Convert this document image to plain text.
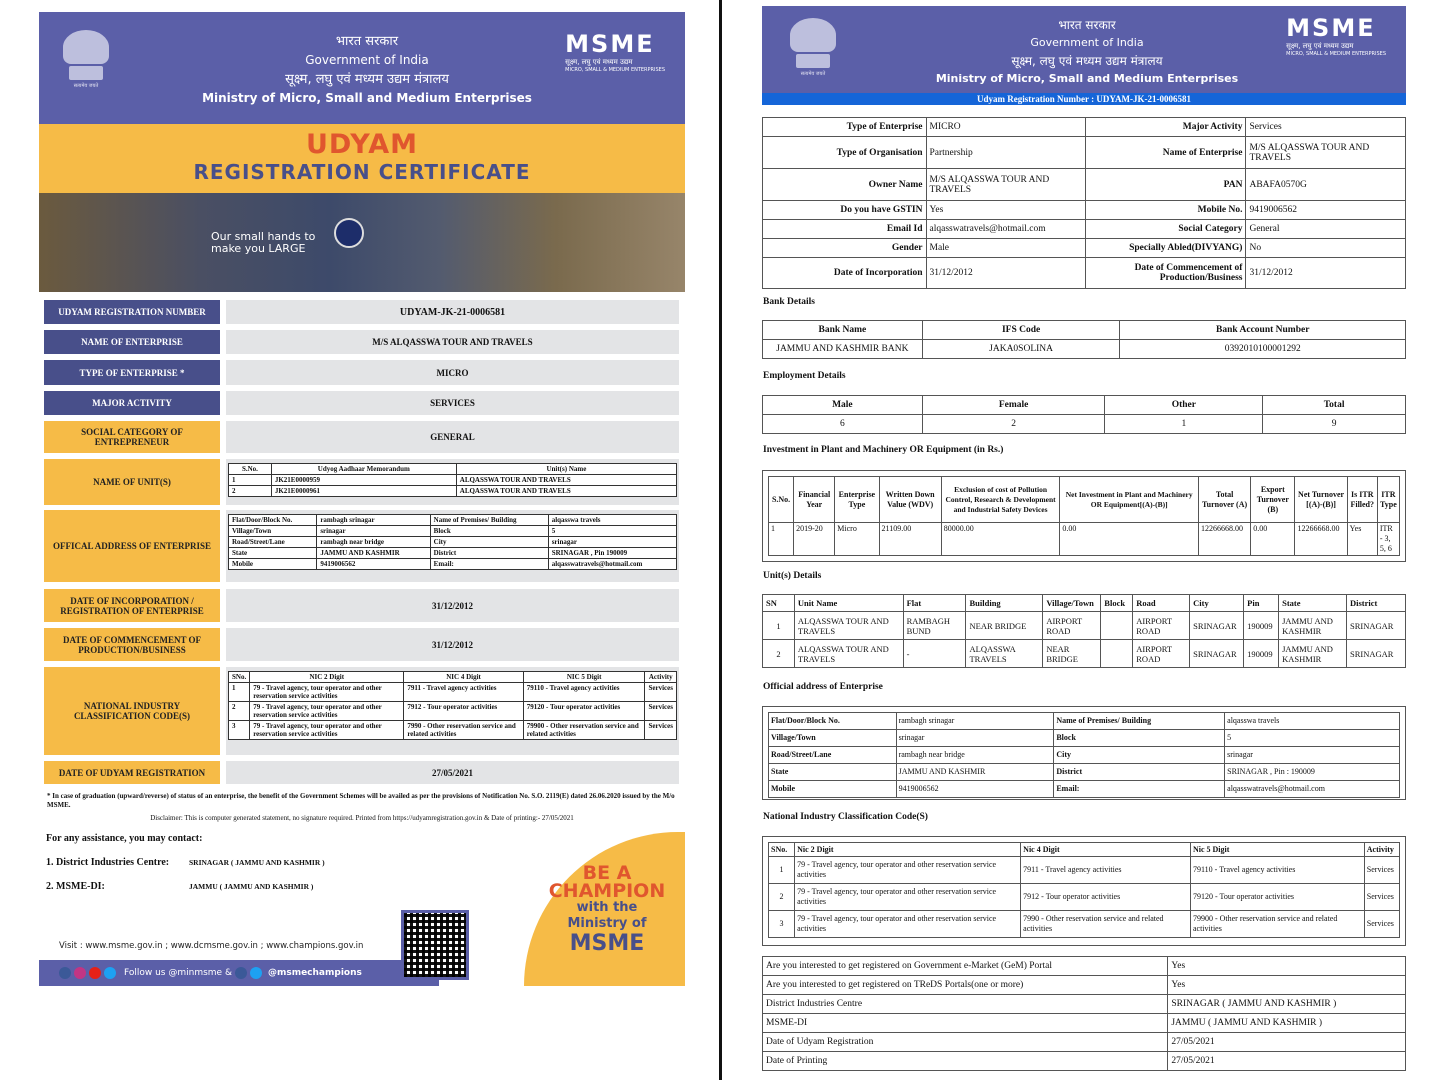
सत्यमेव जयते
भारत सरकार
Government of India
सूक्ष्म, लघु एवं मध्यम उद्यम मंत्रालय
Ministry of Micro, Small and Medium Enterprises
MSME
सूक्ष्म, लघु एवं मध्यम उद्यम
MICRO, SMALL & MEDIUM ENTERPRISES
UDYAM
REGISTRATION CERTIFICATE
Our small hands to
make you LARGE
* In case of graduation (upward/reverse) of status of an enterprise, the benefit of the Government Schemes will be availed as per the provisions of Notification No. S.O. 2119(E) dated 26.06.2020 issued by the M/o MSME.
Disclaimer: This is computer generated statement, no signature required. Printed from https://udyamregistration.gov.in & Date of printing:- 27/05/2021
For any assistance, you may contact:
1. District Industries Centre:	SRINAGAR ( JAMMU AND KASHMIR )
2. MSME-DI:	JAMMU ( JAMMU AND KASHMIR )
Visit : www.msme.gov.in ; www.dcmsme.gov.in ; www.champions.gov.in
Follow us @minmsme &	@msmechampions
BE A
CHAMPION
with the
Ministry of
MSME
UDYAM REGISTRATION NUMBER	UDYAM-JK-21-0006581
NAME OF ENTERPRISE	M/S ALQASSWA TOUR AND TRAVELS
TYPE OF ENTERPRISE *	MICRO
MAJOR ACTIVITY	SERVICES
SOCIAL CATEGORY OF ENTREPRENEUR	GENERAL
NAME OF UNIT(S)
S.No.	Udyog Aadhaar Memorandum	Unit(s) Name
1	JK21E0000959	ALQASSWA TOUR AND TRAVELS
2	JK21E0000961	ALQASSWA TOUR AND TRAVELS
OFFICAL ADDRESS OF ENTERPRISE
Flat/Door/Block No.	rambagh srinagar	Name of Premises/ Building	alqasswa travels
Village/Town	srinagar	Block	5
Road/Street/Lane	rambagh near bridge	City	srinagar
State	JAMMU AND KASHMIR	District	SRINAGAR , Pin 190009
Mobile	9419006562	Email:	alqasswatravels@hotmail.com
DATE OF INCORPORATION / REGISTRATION OF ENTERPRISE	31/12/2012
DATE OF COMMENCEMENT OF PRODUCTION/BUSINESS	31/12/2012
NATIONAL INDUSTRY CLASSIFICATION CODE(S)
SNo.	NIC 2 Digit	NIC 4 Digit	NIC 5 Digit	Activity
1	79 - Travel agency, tour operator and other reservation service activities	7911 - Travel agency activities	79110 - Travel agency activities	Services
2	79 - Travel agency, tour operator and other reservation service activities	7912 - Tour operator activities	79120 - Tour operator activities	Services
3	79 - Travel agency, tour operator and other reservation service activities	7990 - Other reservation service and related activities	79900 - Other reservation service and related activities	Services
DATE OF UDYAM REGISTRATION	27/05/2021
सत्यमेव जयते
भारत सरकार
Government of India
सूक्ष्म, लघु एवं मध्यम उद्यम मंत्रालय
Ministry of Micro, Small and Medium Enterprises
MSME
सूक्ष्म, लघु एवं मध्यम उद्यम
MICRO, SMALL & MEDIUM ENTERPRISES
Udyam Registration Number : UDYAM-JK-21-0006581
Type of Enterprise	MICRO	Major Activity	Services
Type of Organisation	Partnership	Name of Enterprise	M/S ALQASSWA TOUR AND TRAVELS
Owner Name	M/S ALQASSWA TOUR AND TRAVELS	PAN	ABAFA0570G
Do you have GSTIN	Yes	Mobile No.	9419006562
Email Id	alqasswatravels@hotmail.com	Social Category	General
Gender	Male	Specially Abled(DIVYANG)	No
Date of Incorporation	31/12/2012	Date of Commencement of Production/Business	31/12/2012
Bank Details
Bank Name	IFS Code	Bank Account Number
JAMMU AND KASHMIR BANK	JAKA0SOLINA	0392010100001292
Employment Details
Male	Female	Other	Total
6	2	1	9
Investment in Plant and Machinery OR Equipment (in Rs.)
S.No.	Financial Year	Enterprise Type	Written Down Value (WDV)	Exclusion of cost of Pollution Control, Research & Development and Industrial Safety Devices	Net Investment in Plant and Machinery OR Equipment[(A)-(B)]	Total Turnover (A)	Export Turnover (B)	Net Turnover [(A)-(B)]	Is ITR Filled?	ITR Type
1	2019-20	Micro	21109.00	80000.00	0.00	12266668.00	0.00	12266668.00	Yes	ITR - 3, 5, 6
Unit(s) Details
SN	Unit Name	Flat	Building	Village/Town	Block	Road	City	Pin	State	District
1	ALQASSWA TOUR AND TRAVELS	RAMBAGH BUND	NEAR BRIDGE	AIRPORT ROAD		AIRPORT ROAD	SRINAGAR	190009	JAMMU AND KASHMIR	SRINAGAR
2	ALQASSWA TOUR AND TRAVELS	-	ALQASSWA TRAVELS	NEAR BRIDGE		AIRPORT ROAD	SRINAGAR	190009	JAMMU AND KASHMIR	SRINAGAR
Official address of Enterprise
Flat/Door/Block No.	rambagh srinagar	Name of Premises/ Building	alqasswa travels
Village/Town	srinagar	Block	5
Road/Street/Lane	rambagh near bridge	City	srinagar
State	JAMMU AND KASHMIR	District	SRINAGAR , Pin : 190009
Mobile	9419006562	Email:	alqasswatravels@hotmail.com
National Industry Classification Code(S)
SNo.	Nic 2 Digit	Nic 4 Digit	Nic 5 Digit	Activity
1	79 - Travel agency, tour operator and other reservation service activities	7911 - Travel agency activities	79110 - Travel agency activities	Services
2	79 - Travel agency, tour operator and other reservation service activities	7912 - Tour operator activities	79120 - Tour operator activities	Services
3	79 - Travel agency, tour operator and other reservation service activities	7990 - Other reservation service and related activities	79900 - Other reservation service and related activities	Services
Are you interested to get registered on Government e-Market (GeM) Portal	Yes
Are you interested to get registered on TReDS Portals(one or more)	Yes
District Industries Centre	SRINAGAR ( JAMMU AND KASHMIR )
MSME-DI	JAMMU ( JAMMU AND KASHMIR )
Date of Udyam Registration	27/05/2021
Date of Printing	27/05/2021
